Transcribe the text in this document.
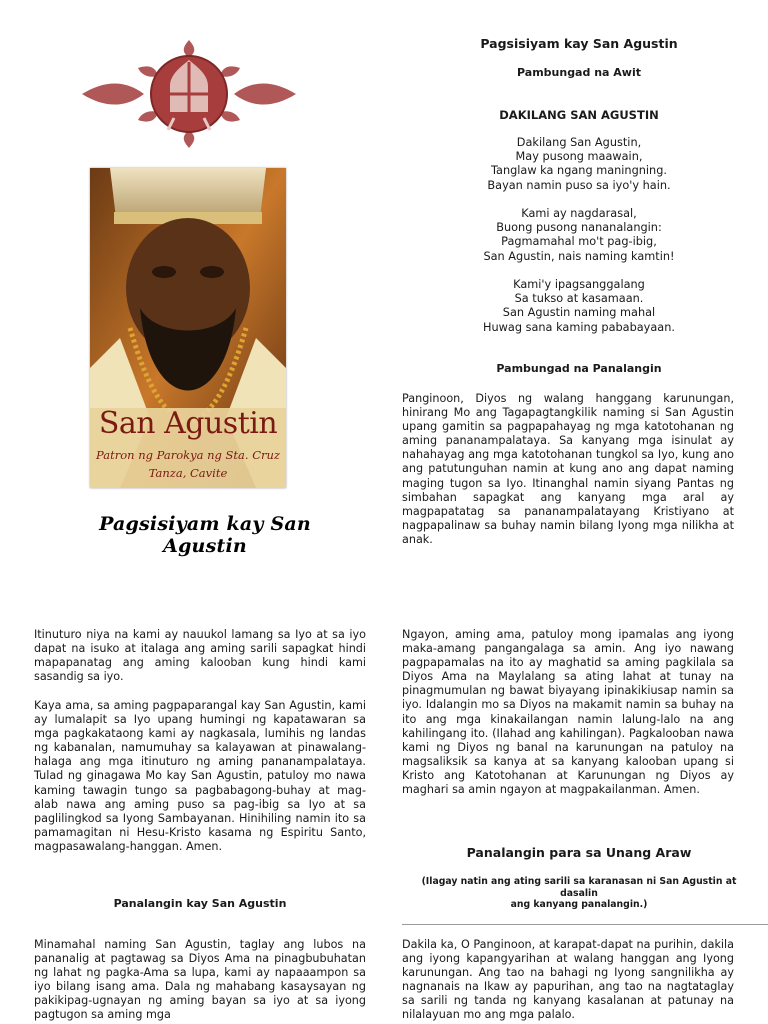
San Agustin
Patron ng Parokya ng Sta. Cruz
Tanza, Cavite
Pagsisiyam kay San Agustin
Pagsisiyam kay San Agustin
Pambungad na Awit
DAKILANG SAN AGUSTIN
Dakilang San Agustin,
May pusong maawain,
Tanglaw ka ngang maningning.
Bayan namin puso sa iyo'y hain.
Kami ay nagdarasal,
Buong pusong nananalangin:
Pagmamahal mo't pag-ibig,
San Agustin, nais naming kamtin!
Kami'y ipagsanggalang
Sa tukso at kasamaan.
San Agustin naming mahal
Huwag sana kaming pababayaan.
Pambungad na Panalangin

Panginoon, Diyos ng walang hanggang karunungan, hinirang Mo ang Tagapagtangkilik naming si San Agustin upang gamitin sa pagpapahayag ng mga katotohanan ng aming pananampalataya. Sa kanyang mga isinulat ay nahahayag ang mga katotohanan tungkol sa Iyo, kung ano ang patutunguhan namin at kung ano ang dapat naming maging tugon sa Iyo. Itinanghal namin siyang Pantas ng simbahan sapagkat ang kanyang mga aral ay magpapatatag sa pananampalatayang Kristiyano at nagpapalinaw sa buhay namin bilang Iyong mga nilikha at anak.

Itinuturo niya na kami ay nauukol lamang sa Iyo at sa iyo dapat na isuko at italaga ang aming sarili sapagkat hindi mapapanatag ang aming kalooban kung hindi kami sasandig sa iyo.

Kaya ama, sa aming pagpaparangal kay San Agustin, kami ay lumalapit sa Iyo upang humingi ng kapatawaran sa mga pagkakataong kami ay nagkasala, lumihis ng landas ng kabanalan, namumuhay sa kalayawan at pinawalang-halaga ang mga itinuturo ng aming pananampalataya. Tulad ng ginagawa Mo kay San Agustin, patuloy mo nawa kaming tawagin tungo sa pagbabagong-buhay at mag-alab nawa ang aming puso sa pag-ibig sa Iyo at sa paglilingkod sa Iyong Sambayanan. Hinihiling namin ito sa pamamagitan ni Hesu-Kristo kasama ng Espiritu Santo, magpasawalang-hanggan. Amen.

Panalangin kay San Agustin

Minamahal naming San Agustin, taglay ang lubos na pananalig at pagtawag sa Diyos Ama na pinagbubuhatan ng lahat ng pagka-Ama sa lupa, kami ay napaaampon sa iyo bilang isang ama. Dala ng mahabang kasaysayan ng pakikipag-ugnayan ng aming bayan sa iyo at sa iyong pagtugon sa aming mga

Ngayon, aming ama, patuloy mong ipamalas ang iyong maka-amang pangangalaga sa amin. Ang iyo nawang pagpapamalas na ito ay maghatid sa aming pagkilala sa Diyos Ama na Maylalang sa ating lahat at tunay na pinagmumulan ng bawat biyayang ipinakikiusap namin sa iyo. Idalangin mo sa Diyos na makamit namin sa buhay na ito ang mga kinakailangan namin lalung-lalo na ang kahilingang ito. (Ilahad ang kahilingan). Pagkalooban nawa kami ng Diyos ng banal na karunungan na patuloy na magsaliksik sa kanya at sa kanyang kalooban upang si Kristo ang Katotohanan at Karunungan ng Diyos ay maghari sa amin ngayon at magpakailanman. Amen.

Panalangin para sa Unang Araw
(Ilagay natin ang ating sarili sa karanasan ni San Agustin at
dasalin
ang kanyang panalangin.)

Dakila ka, O Panginoon, at karapat-dapat na purihin, dakila ang iyong kapangyarihan at walang hanggan ang Iyong karunungan. Ang tao na bahagi ng Iyong sangnilikha ay nagnanais na Ikaw ay papurihan, ang tao na nagtataglay sa sarili ng tanda ng kanyang kasalanan at patunay na nilalayuan mo ang mga palalo.
